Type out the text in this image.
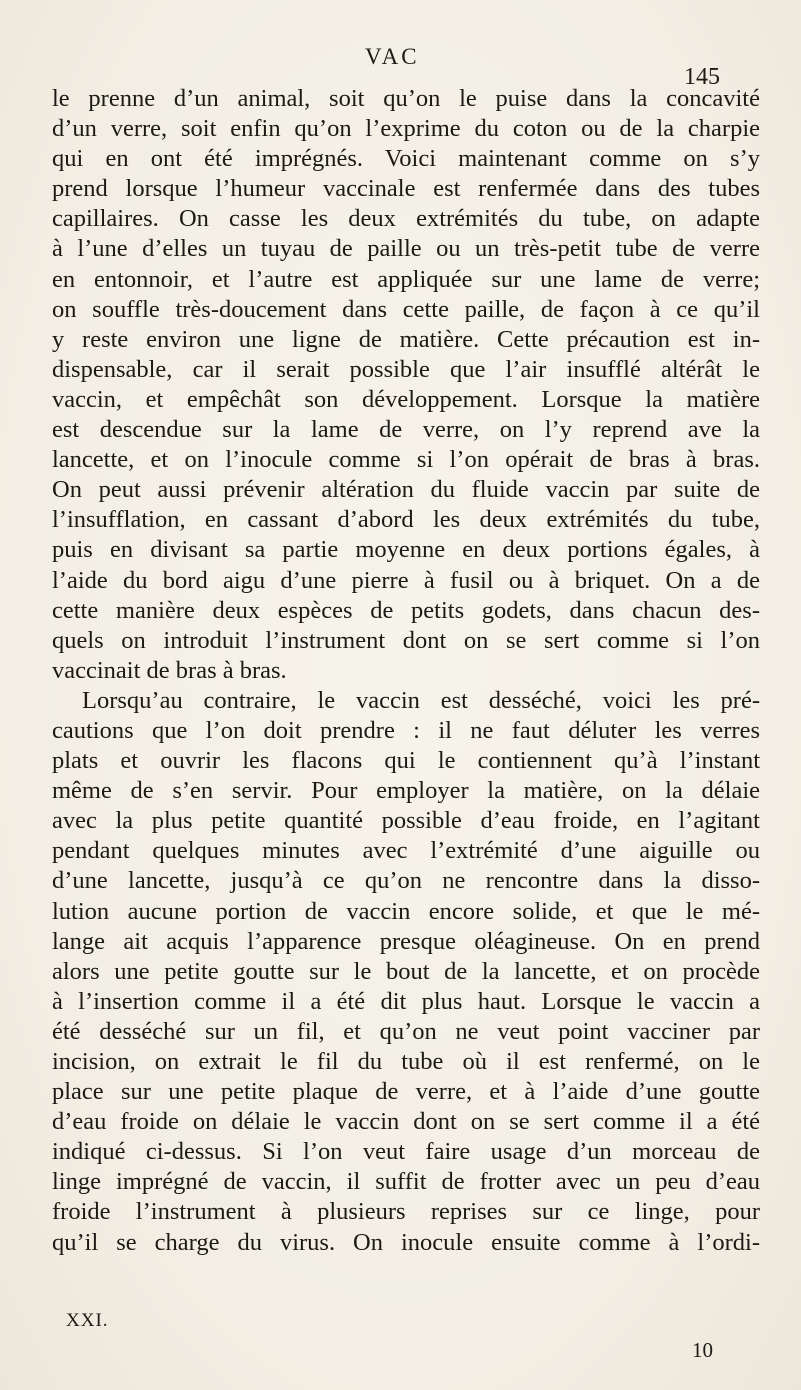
VAC
145
le prenne d’un animal, soit qu’on le puise dans la concavité
d’un verre, soit enfin qu’on l’exprime du coton ou de la charpie
qui en ont été imprégnés. Voici maintenant comme on s’y
prend lorsque l’humeur vaccinale est renfermée dans des tubes
capillaires. On casse les deux extrémités du tube, on adapte
à l’une d’elles un tuyau de paille ou un très-petit tube de verre
en entonnoir, et l’autre est appliquée sur une lame de verre;
on souffle très-doucement dans cette paille, de façon à ce qu’il
y reste environ une ligne de matière. Cette précaution est in-
dispensable, car il serait possible que l’air insufflé altérât le
vaccin, et empêchât son développement. Lorsque la matière
est descendue sur la lame de verre, on l’y reprend ave la
lancette, et on l’inocule comme si l’on opérait de bras à bras.
On peut aussi prévenir altération du fluide vaccin par suite de
l’insufflation, en cassant d’abord les deux extrémités du tube,
puis en divisant sa partie moyenne en deux portions égales, à
l’aide du bord aigu d’une pierre à fusil ou à briquet. On a de
cette manière deux espèces de petits godets, dans chacun des-
quels on introduit l’instrument dont on se sert comme si l’on
vaccinait de bras à bras.
Lorsqu’au contraire, le vaccin est desséché, voici les pré-
cautions que l’on doit prendre : il ne faut déluter les verres
plats et ouvrir les flacons qui le contiennent qu’à l’instant
même de s’en servir. Pour employer la matière, on la délaie
avec la plus petite quantité possible d’eau froide, en l’agitant
pendant quelques minutes avec l’extrémité d’une aiguille ou
d’une lancette, jusqu’à ce qu’on ne rencontre dans la disso-
lution aucune portion de vaccin encore solide, et que le mé-
lange ait acquis l’apparence presque oléagineuse. On en prend
alors une petite goutte sur le bout de la lancette, et on procède
à l’insertion comme il a été dit plus haut. Lorsque le vaccin a
été desséché sur un fil, et qu’on ne veut point vacciner par
incision, on extrait le fil du tube où il est renfermé, on le
place sur une petite plaque de verre, et à l’aide d’une goutte
d’eau froide on délaie le vaccin dont on se sert comme il a été
indiqué ci-dessus. Si l’on veut faire usage d’un morceau de
linge imprégné de vaccin, il suffit de frotter avec un peu d’eau
froide l’instrument à plusieurs reprises sur ce linge, pour
qu’il se charge du virus. On inocule ensuite comme à l’ordi-
XXI.
10
